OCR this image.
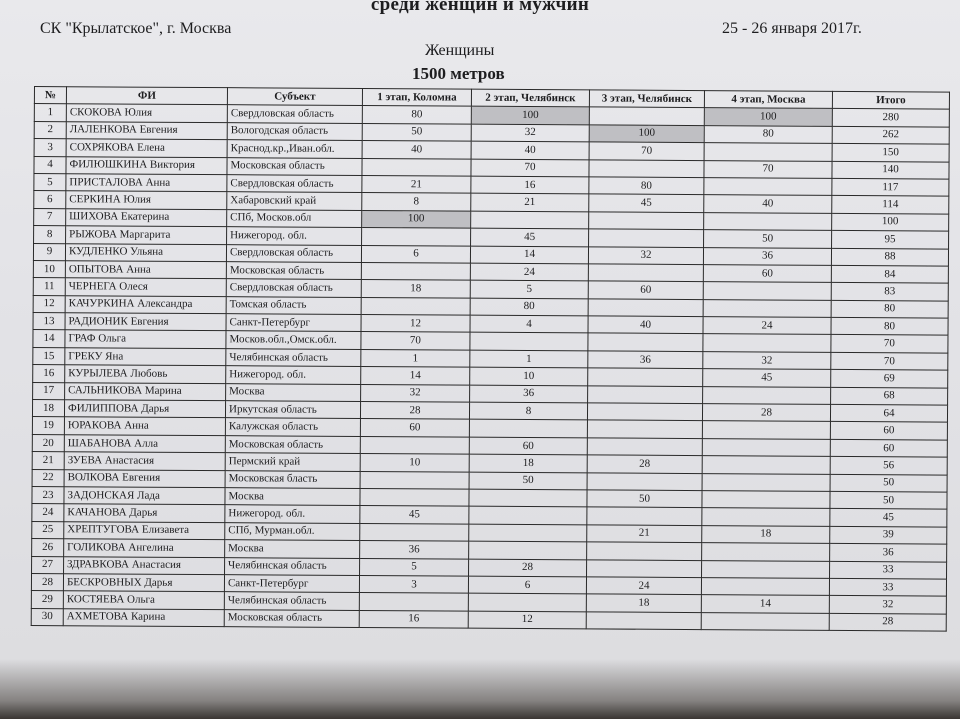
среди женщин и мужчин
СК "Крылатское", г. Москва	25 - 26 января 2017г.
Женщины
1500 метров
№	ФИ	Субъект	1 этап, Коломна	2 этап, Челябинск	3 этап, Челябинск	4 этап, Москва	Итого
1	СКОКОВА Юлия	Свердловская область	80	100		100	280
2	ЛАЛЕНКОВА Евгения	Вологодская область	50	32	100	80	262
3	СОХРЯКОВА Елена	Краснод.кр.,Иван.обл.	40	40	70		150
4	ФИЛЮШКИНА Виктория	Московская область		70		70	140
5	ПРИСТАЛОВА Анна	Свердловская область	21	16	80		117
6	СЕРКИНА Юлия	Хабаровский край	8	21	45	40	114
7	ШИХОВА Екатерина	СПб, Москов.обл	100				100
8	РЫЖОВА Маргарита	Нижегород. обл.		45		50	95
9	КУДЛЕНКО Ульяна	Свердловская область	6	14	32	36	88
10	ОПЫТОВА Анна	Московская область		24		60	84
11	ЧЕРНЕГА Олеся	Свердловская область	18	5	60		83
12	КАЧУРКИНА Александра	Томская область		80			80
13	РАДИОНИК Евгения	Санкт-Петербург	12	4	40	24	80
14	ГРАФ Ольга	Москов.обл.,Омск.обл.	70				70
15	ГРЕКУ Яна	Челябинская область	1	1	36	32	70
16	КУРЫЛЕВА Любовь	Нижегород. обл.	14	10		45	69
17	САЛЬНИКОВА Марина	Москва	32	36			68
18	ФИЛИППОВА Дарья	Иркутская область	28	8		28	64
19	ЮРАКОВА Анна	Калужская область	60				60
20	ШАБАНОВА Алла	Московская область		60			60
21	ЗУЕВА Анастасия	Пермский край	10	18	28		56
22	ВОЛКОВА Евгения	Московская бласть		50			50
23	ЗАДОНСКАЯ Лада	Москва			50		50
24	КАЧАНОВА Дарья	Нижегород. обл.	45				45
25	ХРЕПТУГОВА Елизавета	СПб, Мурман.обл.			21	18	39
26	ГОЛИКОВА Ангелина	Москва	36				36
27	ЗДРАВКОВА Анастасия	Челябинская область	5	28			33
28	БЕСКРОВНЫХ Дарья	Санкт-Петербург	3	6	24		33
29	КОСТЯЕВА Ольга	Челябинская область			18	14	32
30	АХМЕТОВА Карина	Московская область	16	12			28
